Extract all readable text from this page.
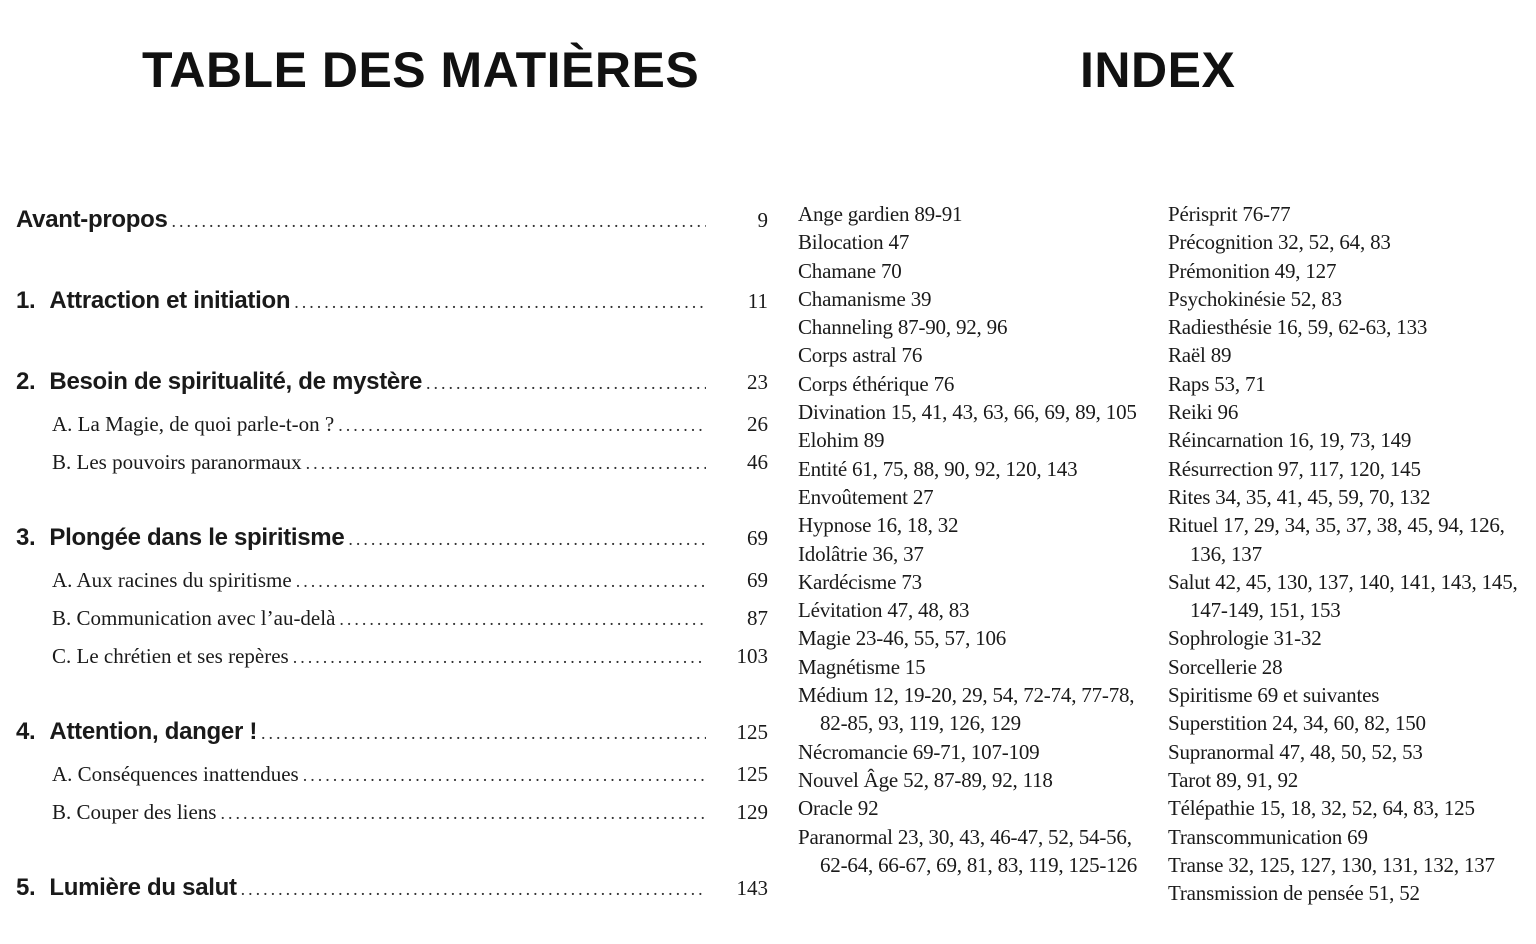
TABLE DES MATIÈRES	INDEX
Avant-propos .....	9
1. Attraction et initiation .....	11
2. Besoin de spiritualité, de mystère .....	23
A. La Magie, de quoi parle-t-on ? .....	26
B. Les pouvoirs paranormaux .....	46
3. Plongée dans le spiritisme .....	69
A. Aux racines du spiritisme .....	69
B. Communication avec l’au-delà .....	87
C. Le chrétien et ses repères .....	103
4. Attention, danger ! .....	125
A. Conséquences inattendues .....	125
B. Couper des liens .....	129
5. Lumière du salut .....	143
Ange gardien 89-91
Bilocation 47
Chamane 70
Chamanisme 39
Channeling 87-90, 92, 96
Corps astral 76
Corps éthérique 76
Divination 15, 41, 43, 63, 66, 69, 89, 105
Elohim 89
Entité 61, 75, 88, 90, 92, 120, 143
Envoûtement 27
Hypnose 16, 18, 32
Idolâtrie 36, 37
Kardécisme 73
Lévitation 47, 48, 83
Magie 23-46, 55, 57, 106
Magnétisme 15
Médium 12, 19-20, 29, 54, 72-74, 77-78, 82-85, 93, 119, 126, 129
Nécromancie 69-71, 107-109
Nouvel Âge 52, 87-89, 92, 118
Oracle 92
Paranormal 23, 30, 43, 46-47, 52, 54-56, 62-64, 66-67, 69, 81, 83, 119, 125-126
Périsprit 76-77
Précognition 32, 52, 64, 83
Prémonition 49, 127
Psychokinésie 52, 83
Radiesthésie 16, 59, 62-63, 133
Raël 89
Raps 53, 71
Reiki 96
Réincarnation 16, 19, 73, 149
Résurrection 97, 117, 120, 145
Rites 34, 35, 41, 45, 59, 70, 132
Rituel 17, 29, 34, 35, 37, 38, 45, 94, 126, 136, 137
Salut 42, 45, 130, 137, 140, 141, 143, 145, 147-149, 151, 153
Sophrologie 31-32
Sorcellerie 28
Spiritisme 69 et suivantes
Superstition 24, 34, 60, 82, 150
Supranormal 47, 48, 50, 52, 53
Tarot 89, 91, 92
Télépathie 15, 18, 32, 52, 64, 83, 125
Transcommunication 69
Transe 32, 125, 127, 130, 131, 132, 137
Transmission de pensée 51, 52
